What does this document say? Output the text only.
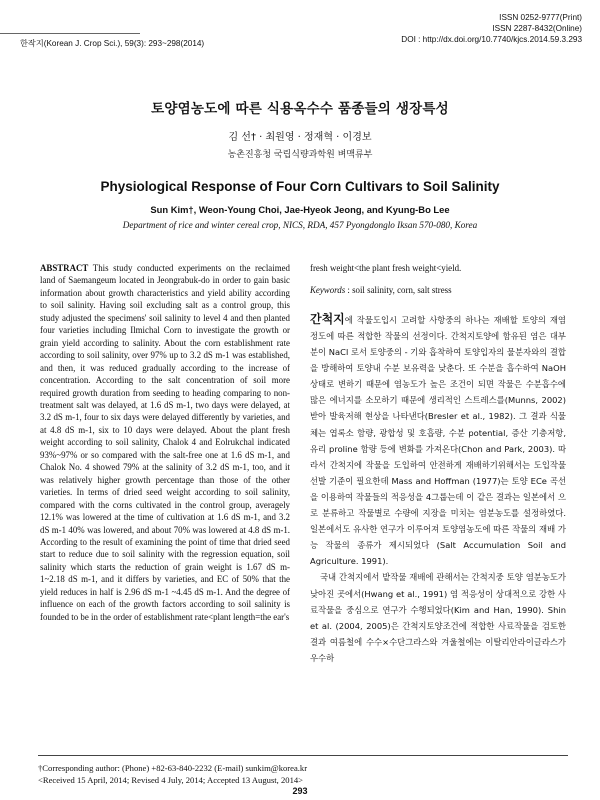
ISSN 0252-9777(Print)
ISSN 2287-8432(Online)
DOI : http://dx.doi.org/10.7740/kjcs.2014.59.3.293
한작지(Korean J. Crop Sci.), 59(3): 293~298(2014)
토양염농도에 따른 식용옥수수 품종들의 생장특성
김 선† · 최원영 · 정재혁 · 이경보
농촌진흥청 국립식량과학원 벼맥류부
Physiological Response of Four Corn Cultivars to Soil Salinity
Sun Kim†, Weon-Young Choi, Jae-Hyeok Jeong, and Kyung-Bo Lee
Department of rice and winter cereal crop, NICS, RDA, 457 Pyongdonglo Iksan 570-080, Korea
ABSTRACT This study conducted experiments on the reclaimed land of Saemangeum located in Jeongrabuk-do in order to gain basic information about growth characteristics and yield ability according to soil salinity. Having soil excluding salt as a control group, this study adjusted the specimens' soil salinity to level 4 and then planted four varieties including Ilmichal Corn to investigate the growth or grain yield according to salinity. About the corn establishment rate according to soil salinity, over 97% up to 3.2 dS m-1 was established, and then, it was reduced gradually according to the increase of concentration. According to the salt concentration of soil more required growth duration from seeding to heading comparing to non-treatment salt was delayed, at 1.6 dS m-1, two days were delayed, at 3.2 dS m-1, four to six days were delayed differently by varieties, and at 4.8 dS m-1, six to 10 days were delayed. About the plant fresh weight according to soil salinity, Chalok 4 and Eolrukchal indicated 93%~97% or so compared with the salt-free one at 1.6 dS m-1, and Chalok No. 4 showed 79% at the salinity of 3.2 dS m-1, too, and it was relatively higher growth percentage than those of the other varieties. In terms of dried seed weight according to soil salinity, compared with the corns cultivated in the control group, averagely 12.1% was lowered at the time of cultivation at 1.6 dS m-1, and 3.2 dS m-1 40% was lowered, and about 70% was lowered at 4.8 dS m-1. According to the result of examining the point of time that dried seed start to reduce due to soil salinity with the regression equation, soil salinity which starts the reduction of grain weight is 1.67 dS m-1~2.18 dS m-1, and it differs by varieties, and EC of 50% that the yield reduces in half is 2.96 dS m-1 ~4.45 dS m-1. And the degree of influence on each of the growth factors according to soil salinity is founded to be in the order of establishment rate<plant length=the ear's
fresh weight<the plant fresh weight<yield.
Keywords : soil salinity, corn, salt stress
간척지에 작물도입시 고려할 사항중의 하나는 재배할 토양의 재염 정도에 따른 적합한 작물의 선정이다. 간척지토양에 함유된 염은 대부분이 NaCl 로서 토양중의 - 기와 흡착하여 토양입자의 물분자와의 결합을 방해하여 토양내 수분 보유력을 낮춘다. 또 수분을 흡수하여 NaOH상태로 변하기 때문에 염농도가 높은 조건이 되면 작물은 수분흡수에 많은 에너지를 소모하기 때문에 생리적인 스트레스를(Munns, 2002)받아 발육저해 현상을 나타낸다(Bresler et al., 1982). 그 결과 식물체는 엽록소 함량, 광합성 및 호흡량, 수분 potential, 증산 기층저항, 유리 proline 함량 등에 변화를 가져온다(Chon and Park, 2003). 따라서 간척지에 작물을 도입하여 안전하게 재배하기위해서는 도입작물 선발 기준이 필요한데 Mass and Hoffman (1977)는 토양 ECe 곡선을 이용하여 작물들의 적응성을 4그룹는데 이 같은 결과는 일본에서 으로 분류하고 작물별로 수량에 지장을 미치는 염분농도를 설정하였다. 일본에서도 유사한 연구가 이루어져 토양염농도에 따른 작물의 재배 가능 작물의 종류가 제시되었다 (Salt Accumulation Soil and Agriculture. 1991).
국내 간척지에서 밭작물 재배에 관해서는 간척지중 토양 염분농도가 낮아진 곳에서(Hwang et al., 1991) 염 적응성이 상대적으로 강한 사료작물을 중심으로 연구가 수행되었다(Kim and Han, 1990). Shin et al. (2004, 2005)은 간척지토양조건에 적합한 사료작물을 검토한 결과 여름철에 수수×수단그라스와 겨울철에는 이탈리안라이글라스가 우수하
†Corresponding author: (Phone) +82-63-840-2232 (E-mail) sunkim@korea.kr
<Received 15 April, 2014; Revised 4 July, 2014; Accepted 13 August, 2014>
293
